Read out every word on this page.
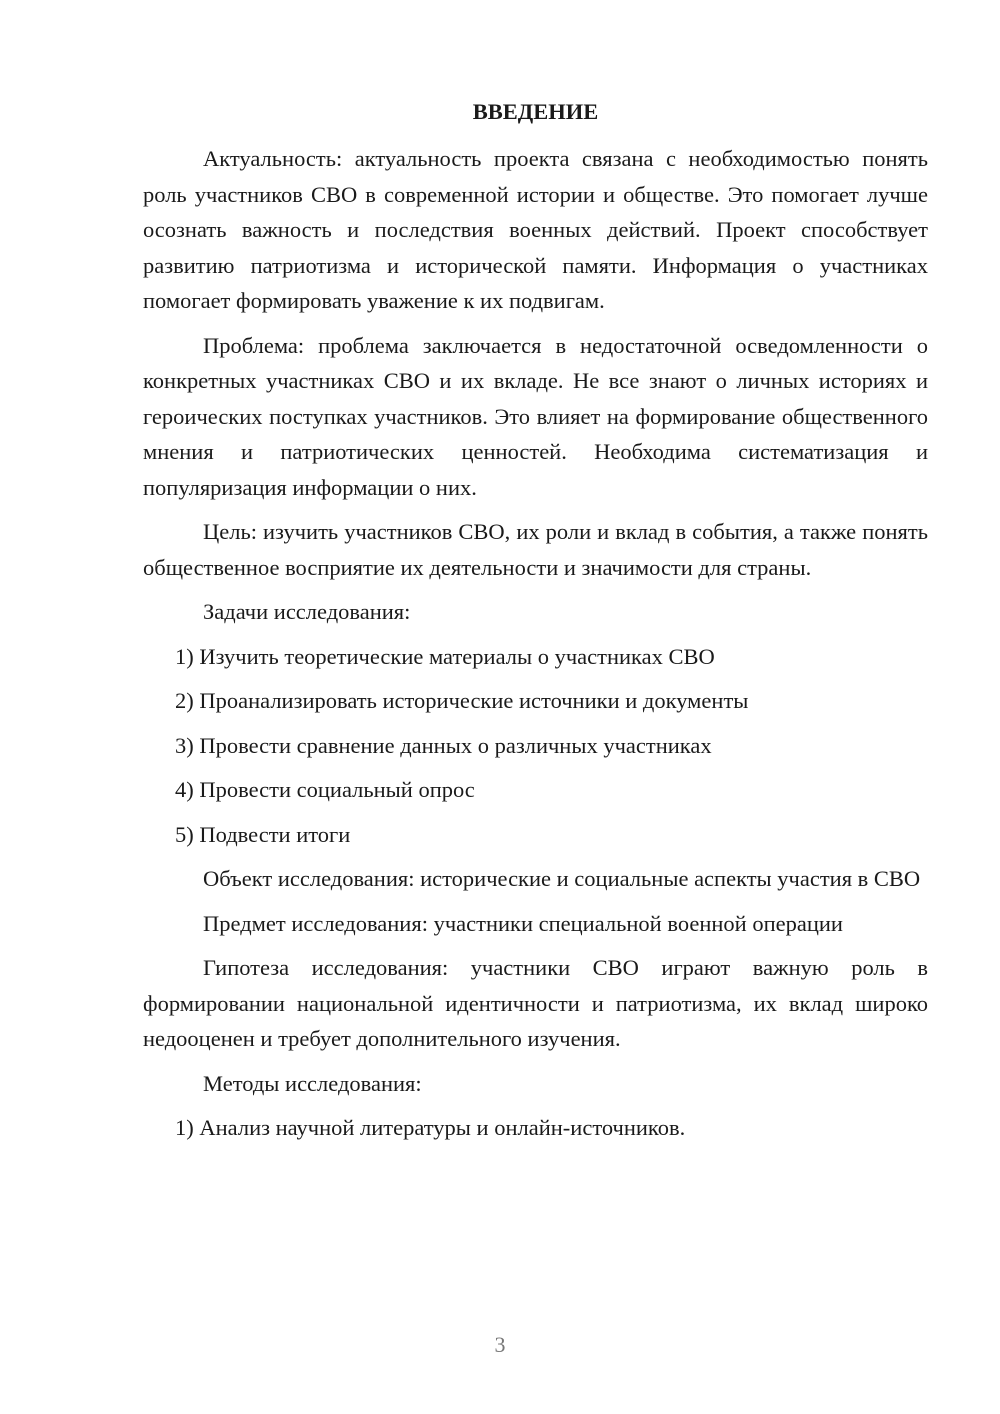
ВВЕДЕНИЕ

Актуальность: актуальность проекта связана с необходимостью понять роль участников СВО в современной истории и обществе. Это помогает лучше осознать важность и последствия военных действий. Проект способствует развитию патриотизма и исторической памяти. Информация о участниках помогает формировать уважение к их подвигам.

Проблема: проблема заключается в недостаточной осведомленности о конкретных участниках СВО и их вкладе. Не все знают о личных историях и героических поступках участников. Это влияет на формирование общественного мнения и патриотических ценностей. Необходима систематизация и популяризация информации о них.

Цель: изучить участников СВО, их роли и вклад в события, а также понять общественное восприятие их деятельности и значимости для страны.

Задачи исследования:

1) Изучить теоретические материалы о участниках СВО
2) Проанализировать исторические источники и документы
3) Провести сравнение данных о различных участниках
4) Провести социальный опрос
5) Подвести итоги

Объект исследования: исторические и социальные аспекты участия в СВО

Предмет исследования: участники специальной военной операции

Гипотеза исследования: участники СВО играют важную роль в формировании национальной идентичности и патриотизма, их вклад широко недооценен и требует дополнительного изучения.

Методы исследования:

1) Анализ научной литературы и онлайн-источников.
3
